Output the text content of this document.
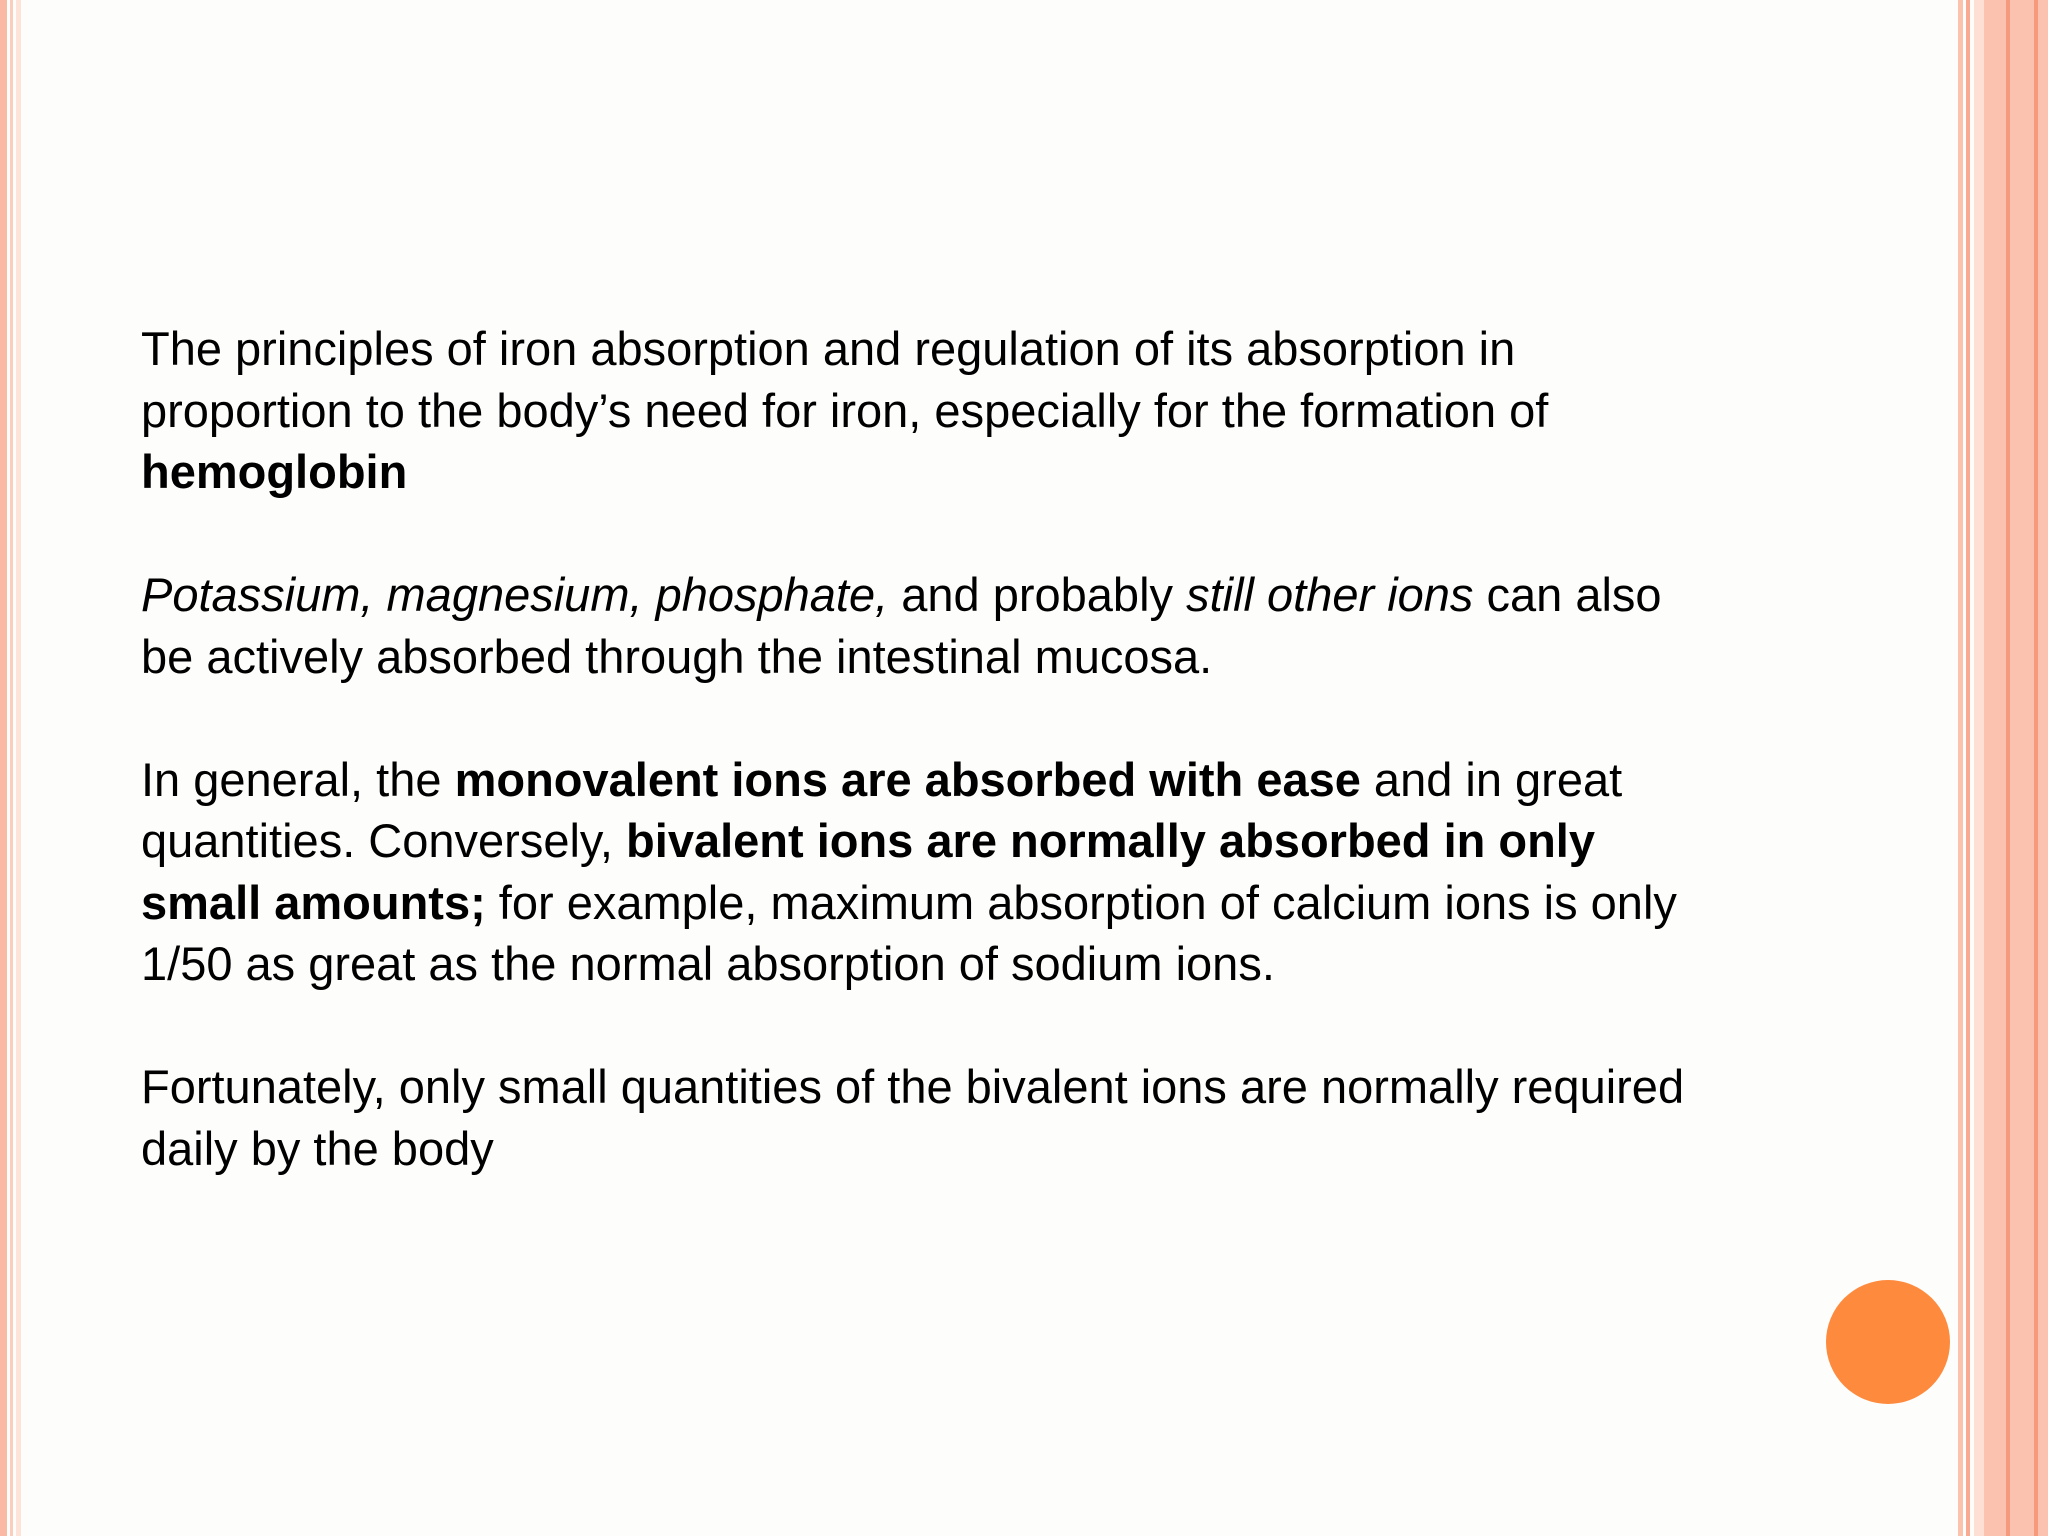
The principles of iron absorption and regulation of its absorption in
proportion to the body’s need for iron, especially for the formation of
hemoglobin

Potassium, magnesium, phosphate, and probably still other ions can also
be actively absorbed through the intestinal mucosa.

In general, the monovalent ions are absorbed with ease and in great
quantities. Conversely, bivalent ions are normally absorbed in only
small amounts; for example, maximum absorption of calcium ions is only
1/50 as great as the normal absorption of sodium ions.

Fortunately, only small quantities of the bivalent ions are normally required
daily by the body
